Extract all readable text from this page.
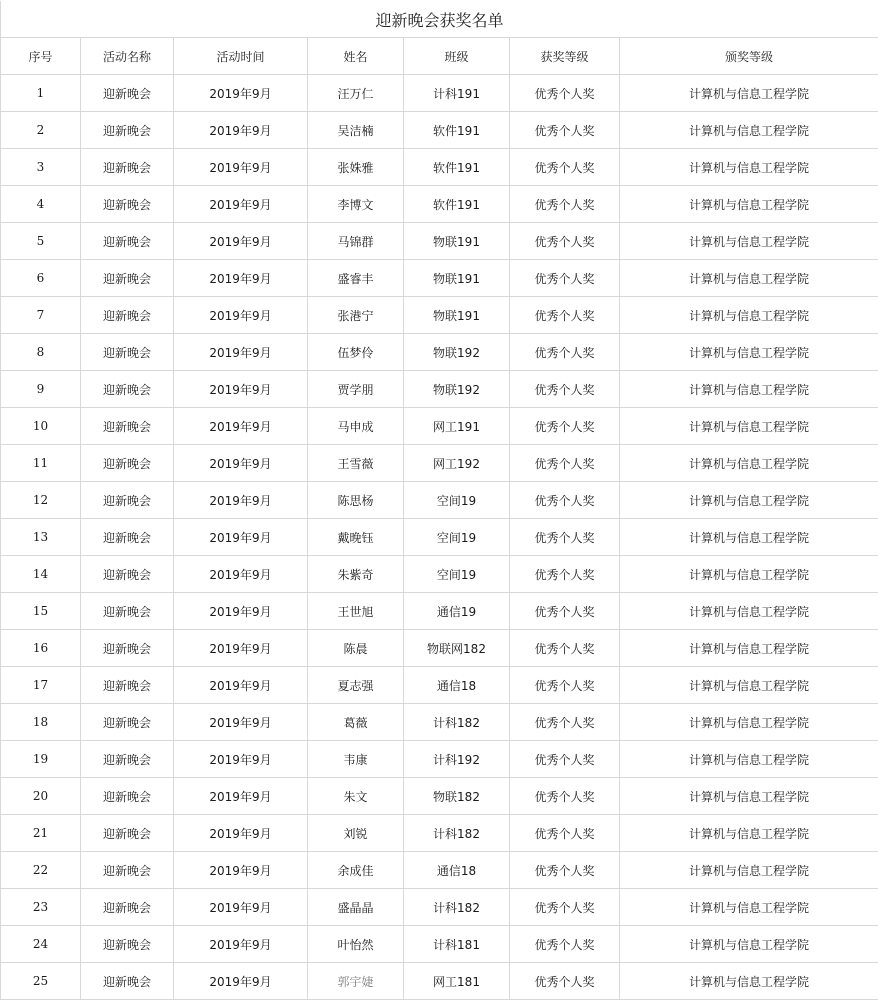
迎新晚会获奖名单						
序号	活动名称	活动时间	姓名	班级	获奖等级	颁奖等级
1	迎新晚会	2019年9月	汪万仁	计科191	优秀个人奖	计算机与信息工程学院
2	迎新晚会	2019年9月	吴洁楠	软件191	优秀个人奖	计算机与信息工程学院
3	迎新晚会	2019年9月	张姝雅	软件191	优秀个人奖	计算机与信息工程学院
4	迎新晚会	2019年9月	李博文	软件191	优秀个人奖	计算机与信息工程学院
5	迎新晚会	2019年9月	马锦群	物联191	优秀个人奖	计算机与信息工程学院
6	迎新晚会	2019年9月	盛睿丰	物联191	优秀个人奖	计算机与信息工程学院
7	迎新晚会	2019年9月	张港宁	物联191	优秀个人奖	计算机与信息工程学院
8	迎新晚会	2019年9月	伍梦伶	物联192	优秀个人奖	计算机与信息工程学院
9	迎新晚会	2019年9月	贾学朋	物联192	优秀个人奖	计算机与信息工程学院
10	迎新晚会	2019年9月	马申成	网工191	优秀个人奖	计算机与信息工程学院
11	迎新晚会	2019年9月	王雪薇	网工192	优秀个人奖	计算机与信息工程学院
12	迎新晚会	2019年9月	陈思杨	空间19	优秀个人奖	计算机与信息工程学院
13	迎新晚会	2019年9月	戴晚钰	空间19	优秀个人奖	计算机与信息工程学院
14	迎新晚会	2019年9月	朱紫奇	空间19	优秀个人奖	计算机与信息工程学院
15	迎新晚会	2019年9月	王世旭	通信19	优秀个人奖	计算机与信息工程学院
16	迎新晚会	2019年9月	陈晨	物联网182	优秀个人奖	计算机与信息工程学院
17	迎新晚会	2019年9月	夏志强	通信18	优秀个人奖	计算机与信息工程学院
18	迎新晚会	2019年9月	葛薇	计科182	优秀个人奖	计算机与信息工程学院
19	迎新晚会	2019年9月	韦康	计科192	优秀个人奖	计算机与信息工程学院
20	迎新晚会	2019年9月	朱文	物联182	优秀个人奖	计算机与信息工程学院
21	迎新晚会	2019年9月	刘锐	计科182	优秀个人奖	计算机与信息工程学院
22	迎新晚会	2019年9月	余成佳	通信18	优秀个人奖	计算机与信息工程学院
23	迎新晚会	2019年9月	盛晶晶	计科182	优秀个人奖	计算机与信息工程学院
24	迎新晚会	2019年9月	叶怡然	计科181	优秀个人奖	计算机与信息工程学院
25	迎新晚会	2019年9月	郭宇婕	网工181	优秀个人奖	计算机与信息工程学院
